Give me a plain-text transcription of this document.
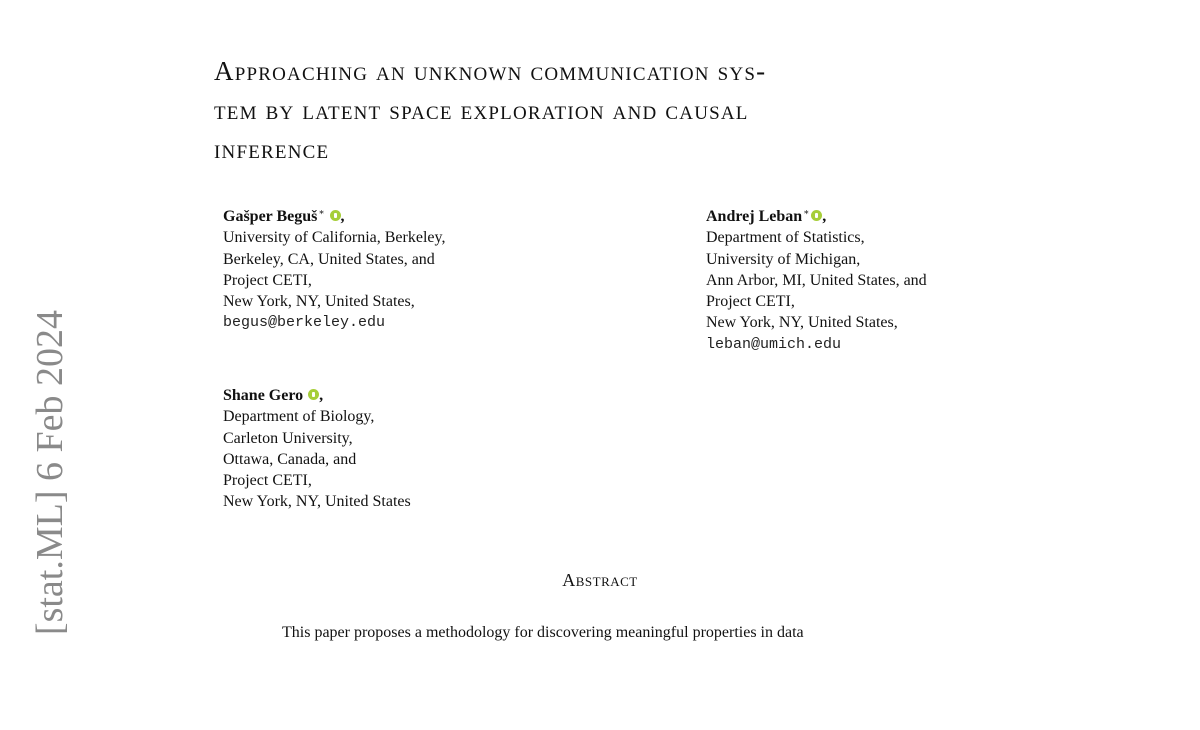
[stat.ML] 6 Feb 2024
Approaching an unknown communication sys-
tem by latent space exploration and causal
inference
Gašper Beguš∗ ,
University of California, Berkeley,
Berkeley, CA, United States, and
Project CETI,
New York, NY, United States,
begus@berkeley.edu
Andrej Leban∗ ,
Department of Statistics,
University of Michigan,
Ann Arbor, MI, United States, and
Project CETI,
New York, NY, United States,
leban@umich.edu
Shane Gero ,
Department of Biology,
Carleton University,
Ottawa, Canada, and
Project CETI,
New York, NY, United States
Abstract
This paper proposes a methodology for discovering meaningful properties in data
